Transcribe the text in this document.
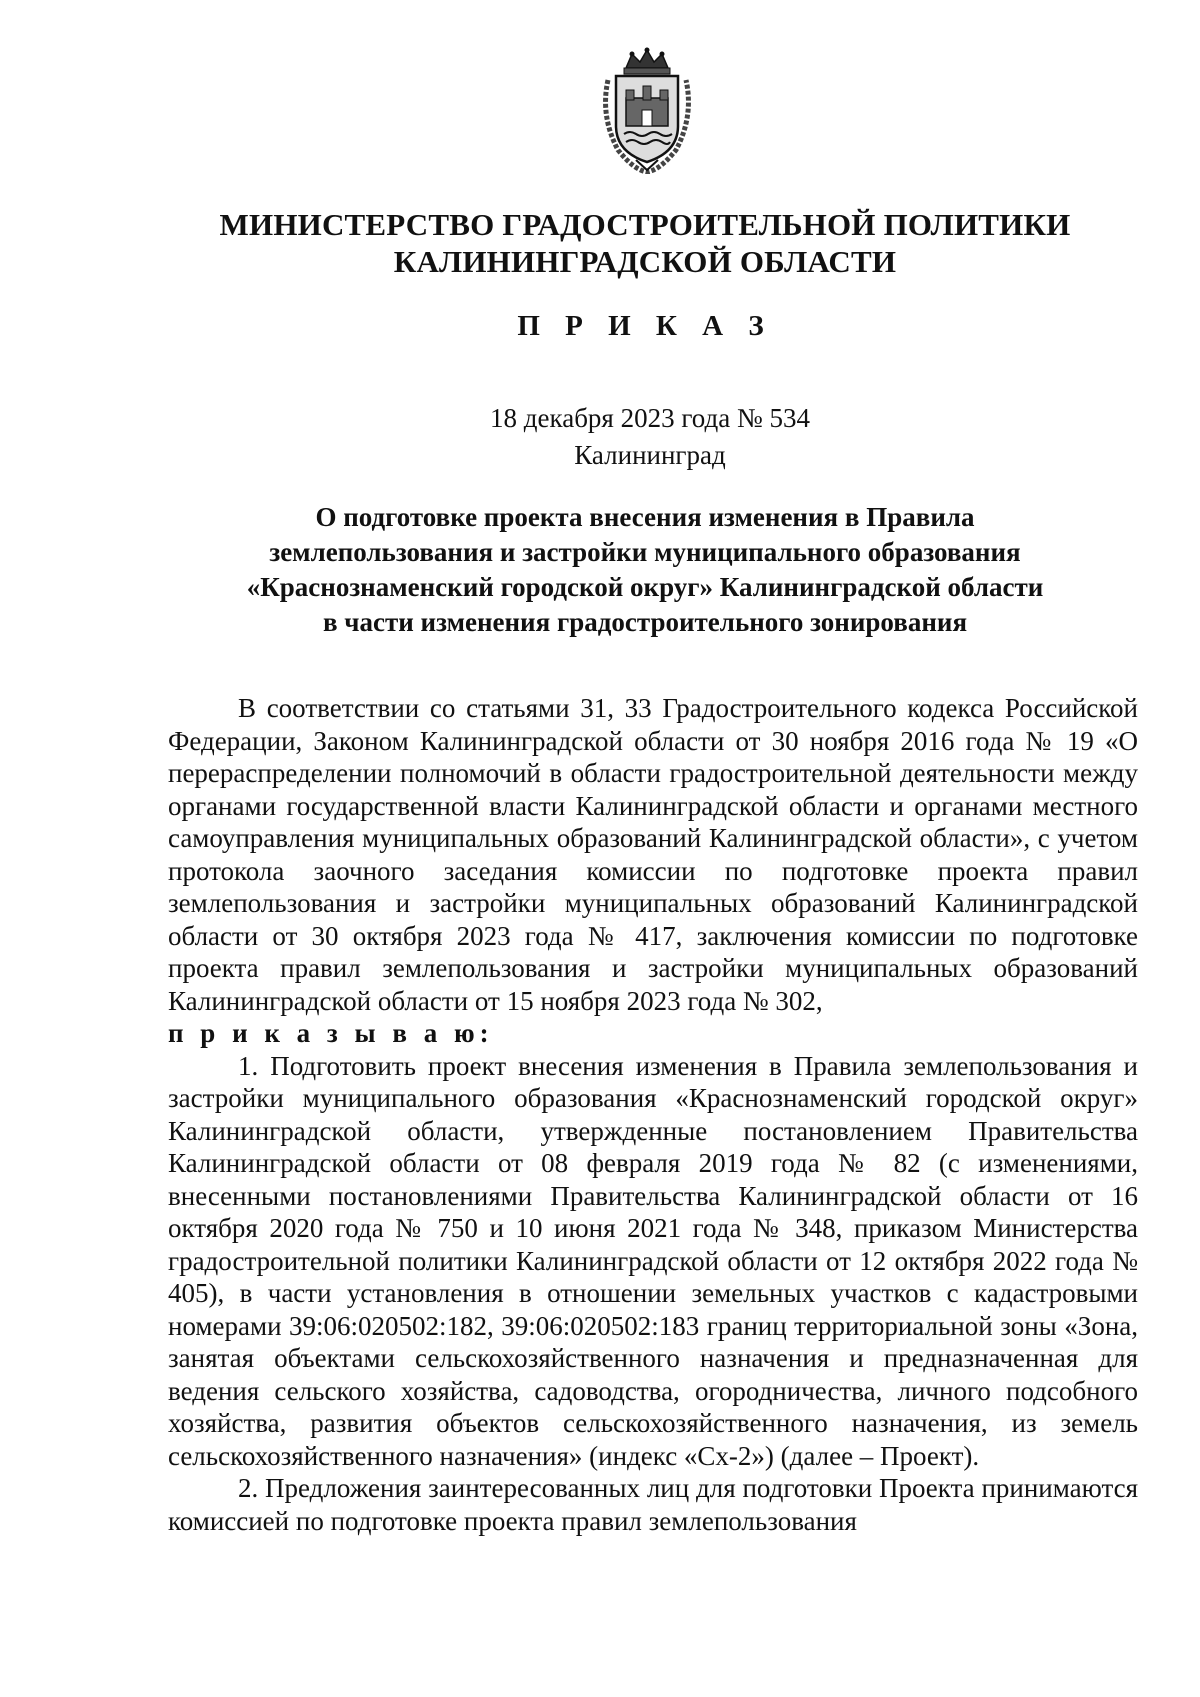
МИНИСТЕРСТВО ГРАДОСТРОИТЕЛЬНОЙ ПОЛИТИКИ
КАЛИНИНГРАДСКОЙ ОБЛАСТИ
П Р И К А З
18 декабря 2023 года № 534
Калининград
О подготовке проекта внесения изменения в Правила
землепользования и застройки муниципального образования
«Краснознаменский городской округ» Калининградской области
в части изменения градостроительного зонирования

В соответствии со статьями 31, 33 Градостроительного кодекса Российской Федерации, Законом Калининградской области от 30 ноября 2016 года № 19 «О перераспределении полномочий в области градостроительной деятельности между органами государственной власти Калининградской области и органами местного самоуправления муниципальных образований Калининградской области», с учетом протокола заочного заседания комиссии по подготовке проекта правил землепользования и застройки муниципальных образований Калининградской области от 30 октября 2023 года № 417, заключения комиссии по подготовке проекта правил землепользования и застройки муниципальных образований Калининградской области от 15 ноября 2023 года № 302,

п р и к а з ы в а ю:

1. Подготовить проект внесения изменения в Правила землепользования и застройки муниципального образования «Краснознаменский городской округ» Калининградской области, утвержденные постановлением Правительства Калининградской области от 08 февраля 2019 года № 82 (с изменениями, внесенными постановлениями Правительства Калининградской области от 16 октября 2020 года № 750 и 10 июня 2021 года № 348, приказом Министерства градостроительной политики Калининградской области от 12 октября 2022 года № 405), в части установления в отношении земельных участков с кадастровыми номерами 39:06:020502:182, 39:06:020502:183 границ территориальной зоны «Зона, занятая объектами сельскохозяйственного назначения и предназначенная для ведения сельского хозяйства, садоводства, огородничества, личного подсобного хозяйства, развития объектов сельскохозяйственного назначения, из земель сельскохозяйственного назначения» (индекс «Сх-2») (далее – Проект).

2. Предложения заинтересованных лиц для подготовки Проекта принимаются комиссией по подготовке проекта правил землепользования
